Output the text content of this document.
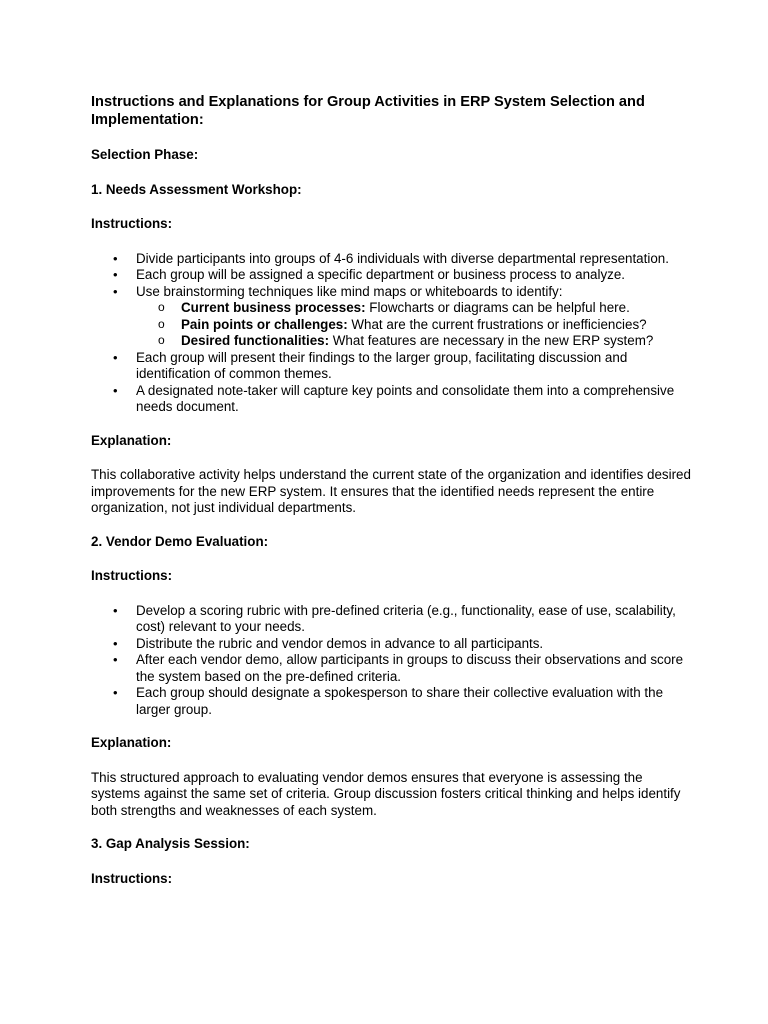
Instructions and Explanations for Group Activities in ERP System Selection and Implementation:
Selection Phase:
1. Needs Assessment Workshop:
Instructions:
• Divide participants into groups of 4-6 individuals with diverse departmental representation.
• Each group will be assigned a specific department or business process to analyze.
• Use brainstorming techniques like mind maps or whiteboards to identify:
o Current business processes: Flowcharts or diagrams can be helpful here.
o Pain points or challenges: What are the current frustrations or inefficiencies?
o Desired functionalities: What features are necessary in the new ERP system?
• Each group will present their findings to the larger group, facilitating discussion and identification of common themes.
• A designated note-taker will capture key points and consolidate them into a comprehensive needs document.
Explanation:
This collaborative activity helps understand the current state of the organization and identifies desired improvements for the new ERP system. It ensures that the identified needs represent the entire organization, not just individual departments.
2. Vendor Demo Evaluation:
Instructions:
• Develop a scoring rubric with pre-defined criteria (e.g., functionality, ease of use, scalability, cost) relevant to your needs.
• Distribute the rubric and vendor demos in advance to all participants.
• After each vendor demo, allow participants in groups to discuss their observations and score the system based on the pre-defined criteria.
• Each group should designate a spokesperson to share their collective evaluation with the larger group.
Explanation:
This structured approach to evaluating vendor demos ensures that everyone is assessing the systems against the same set of criteria. Group discussion fosters critical thinking and helps identify both strengths and weaknesses of each system.
3. Gap Analysis Session:
Instructions:
